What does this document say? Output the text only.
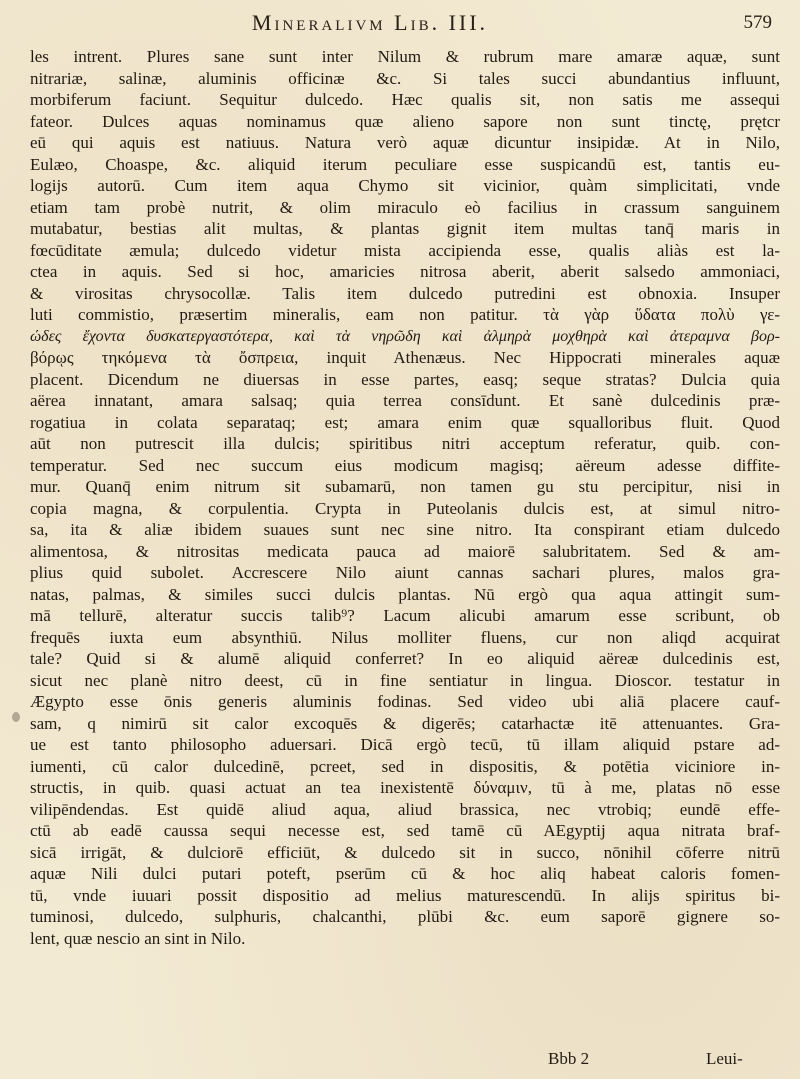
Mineralivm Lib. III.	579
les intrent. Plures sane sunt inter Nilum & rubrum mare amaræ aquæ, sunt
nitrariæ, salinæ, aluminis officinæ &c. Si tales succi abundantius influunt,
morbiferum faciunt. Sequitur dulcedo. Hæc qualis sit, non satis me assequi
fateor. Dulces aquas nominamus quæ alieno sapore non sunt tinctę, prętcr
eū qui aquis est natiuus. Natura verò aquæ dicuntur insipidæ. At in Nilo,
Eulæo, Choaspe, &c. aliquid iterum peculiare esse suspicandū est, tantis eu-
logijs autorū. Cum item aqua Chymo sit vicinior, quàm simplicitati, vnde
etiam tam probè nutrit, & olim miraculo eò facilius in crassum sanguinem
mutabatur, bestias alit multas, & plantas gignit item multas tanq̄ maris in
fœcūditate æmula; dulcedo videtur mista accipienda esse, qualis aliàs est la-
ctea in aquis. Sed si hoc, amaricies nitrosa aberit, aberit salsedo ammoniaci,
& virositas chrysocollæ. Talis item dulcedo putredini est obnoxia. Insuper
luti commistio, præsertim mineralis, eam non patitur. τὰ γὰρ ὕδατα πολὺ γε-
ώδες ἔχοντα δυσκατεργαστότερα, καὶ τὰ νηρῶδη καὶ ἀλμηρὰ μοχθηρὰ καὶ ἀτεραμνα βορ-
βόρῳς τηκόμενα τὰ ὄσπρεια, inquit Athenæus. Nec Hippocrati minerales aquæ
placent. Dicendum ne diuersas in esse partes, easq; seque stratas? Dulcia quia
aërea innatant, amara salsaq; quia terrea consīdunt. Et sanè dulcedinis præ-
rogatiua in colata separataq; est; amara enim quæ squalloribus fluit. Quod
aūt non putrescit illa dulcis; spiritibus nitri acceptum referatur, quib. con-
temperatur. Sed nec succum eius modicum magisq; aëreum adesse diffite-
mur. Quanq̄ enim nitrum sit subamarū, non tamen gu stu percipitur, nisi in
copia magna, & corpulentia. Crypta in Puteolanis dulcis est, at simul nitro-
sa, ita & aliæ ibidem suaues sunt nec sine nitro. Ita conspirant etiam dulcedo
alimentosa, & nitrositas medicata pauca ad maiorē salubritatem. Sed & am-
plius quid subolet. Accrescere Nilo aiunt cannas sachari plures, malos gra-
natas, palmas, & similes succi dulcis plantas. Nū ergò qua aqua attingit sum-
mā tellurē, alteratur succis talib⁹? Lacum alicubi amarum esse scribunt, ob
frequēs iuxta eum absynthiū. Nilus molliter fluens, cur non aliqd acquirat
tale? Quid si & alumē aliquid conferret? In eo aliquid aëreæ dulcedinis est,
sicut nec planè nitro deest, cū in fine sentiatur in lingua. Dioscor. testatur in
Ægypto esse ōnis generis aluminis fodinas. Sed video ubi aliā placere cauf-
sam, q nimirū sit calor excoquēs & digerēs; catarhactæ itē attenuantes. Gra-
ue est tanto philosopho aduersari. Dicā ergò tecū, tū illam aliquid pstare ad-
iumenti, cū calor dulcedinē, pcreet, sed in dispositis, & potētia viciniore in-
structis, in quib. quasi actuat an tea inexistentē δύναμιν, tū à me, platas nō esse
vilipēndendas. Est quidē aliud aqua, aliud brassica, nec vtrobiq; eundē effe-
ctū ab eadē caussa sequi necesse est, sed tamē cū AEgyptij aqua nitrata braf-
sicā irrigāt, & dulciorē efficiūt, & dulcedo sit in succo, nōnihil cōferre nitrū
aquæ Nili dulci putari poteft, pserūm cū & hoc aliq habeat caloris fomen-
tū, vnde iuuari possit dispositio ad melius maturescendū. In alijs spiritus bi-
tuminosi, dulcedo, sulphuris, chalcanthi, plūbi &c. eum saporē gignere so-
lent, quæ nescio an sint in Nilo.
Bbb 2	Leui-
